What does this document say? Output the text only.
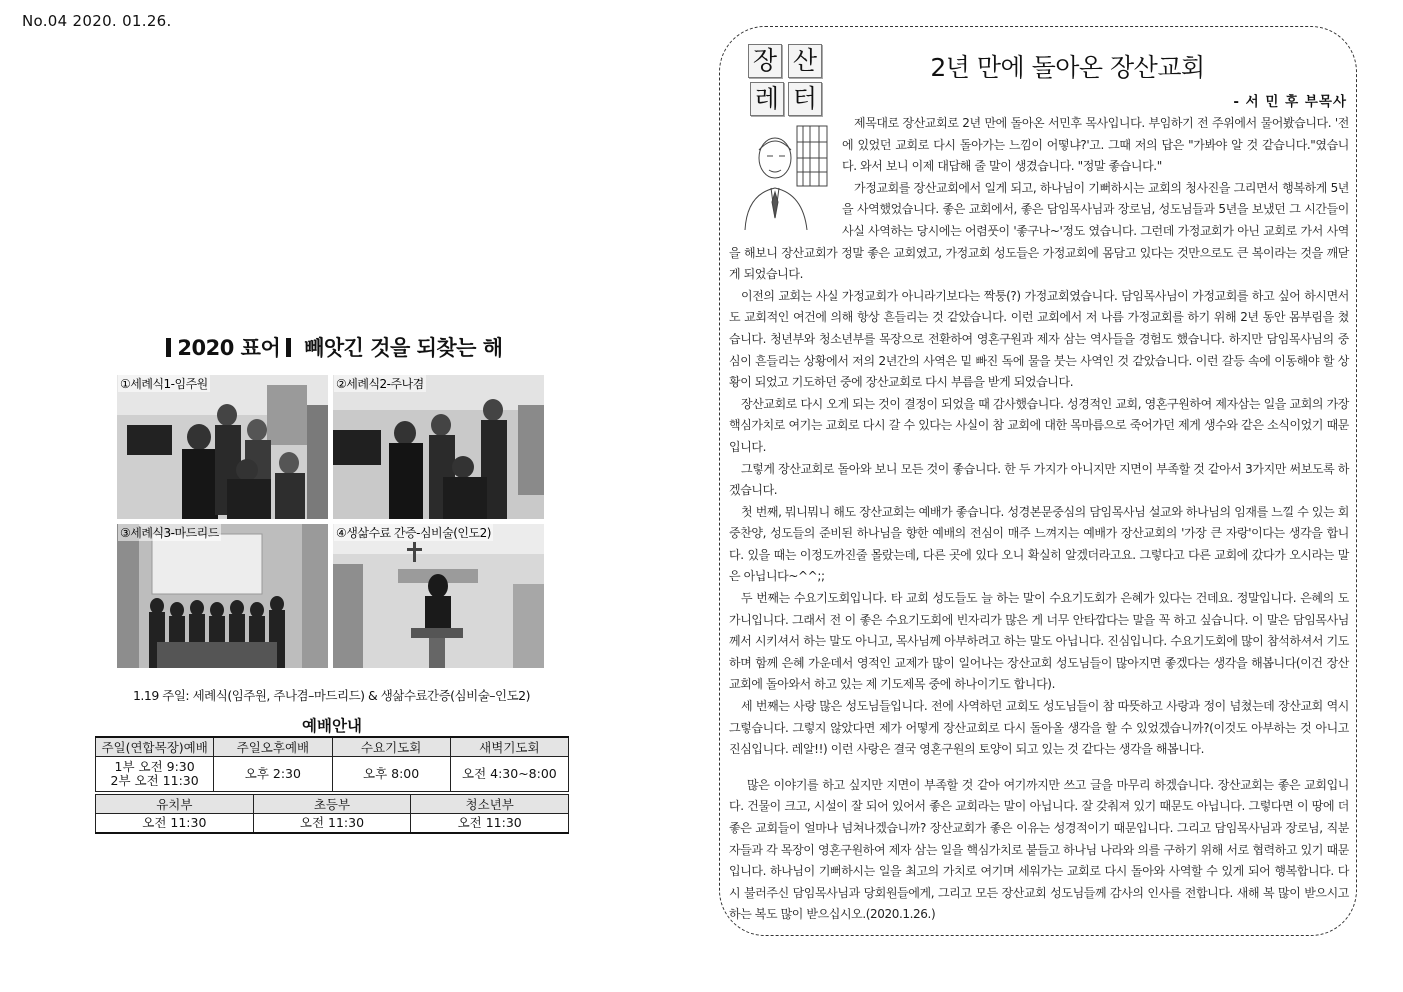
No.04 2020. 01.26.
2020 표어 빼앗긴 것을 되찾는 해
①세례식1-임주원	②세례식2-주나겸
③세례식3-마드리드	④생삶수료 간증-심비술(인도2)
1.19 주일: 세례식(임주원, 주나겸–마드리드) & 생삶수료간증(심비술–인도2)
예배안내
주일(연합목장)예배	주일오후예배	수요기도회	새벽기도회
1부 오전 9:30
2부 오전 11:30	오후 2:30	오후 8:00	오전 4:30~8:00
유치부	초등부	청소년부
오전 11:30	오전 11:30	오전 11:30
장 산
레 터
2년 만에 돌아온 장산교회
- 서 민 후 부목사

제목대로 장산교회로 2년 만에 돌아온 서민후 목사입니다. 부임하기 전 주위에서 물어봤습니다. '전에 있었던 교회로 다시 돌아가는 느낌이 어떻냐?'고. 그때 저의 답은 "가봐야 알 것 같습니다."였습니다. 와서 보니 이제 대답해 줄 말이 생겼습니다. "정말 좋습니다."

가정교회를 장산교회에서 일게 되고, 하나님이 기뻐하시는 교회의 청사진을 그리면서 행복하게 5년을 사역했었습니다. 좋은 교회에서, 좋은 담임목사님과 장로님, 성도님들과 5년을 보냈던 그 시간들이 사실 사역하는 당시에는 어렴풋이 '좋구나~'정도 였습니다. 그런데 가정교회가 아닌 교회로 가서 사역을 해보니 장산교회가 정말 좋은 교회였고, 가정교회 성도들은 가정교회에 몸담고 있다는 것만으로도 큰 복이라는 것을 깨닫게 되었습니다.

이전의 교회는 사실 가정교회가 아니라기보다는 짝퉁(?) 가정교회였습니다. 담임목사님이 가정교회를 하고 싶어 하시면서도 교회적인 여건에 의해 항상 흔들리는 것 같았습니다. 이런 교회에서 저 나름 가정교회를 하기 위해 2년 동안 몸부림을 쳤습니다. 청년부와 청소년부를 목장으로 전환하여 영혼구원과 제자 삼는 역사들을 경험도 했습니다. 하지만 담임목사님의 중심이 흔들리는 상황에서 저의 2년간의 사역은 밑 빠진 독에 물을 붓는 사역인 것 같았습니다. 이런 갈등 속에 이동해야 할 상황이 되었고 기도하던 중에 장산교회로 다시 부름을 받게 되었습니다.

장산교회로 다시 오게 되는 것이 결정이 되었을 때 감사했습니다. 성경적인 교회, 영혼구원하여 제자삼는 일을 교회의 가장 핵심가치로 여기는 교회로 다시 갈 수 있다는 사실이 참 교회에 대한 목마름으로 죽어가던 제게 생수와 같은 소식이었기 때문입니다.

그렇게 장산교회로 돌아와 보니 모든 것이 좋습니다. 한 두 가지가 아니지만 지면이 부족할 것 같아서 3가지만 써보도록 하겠습니다.

첫 번째, 뭐니뭐니 해도 장산교회는 예배가 좋습니다. 성경본문중심의 담임목사님 설교와 하나님의 임재를 느낄 수 있는 회중찬양, 성도들의 준비된 하나님을 향한 예배의 전심이 매주 느껴지는 예배가 장산교회의 '가장 큰 자랑'이다는 생각을 합니다. 있을 때는 이정도까진줄 몰랐는데, 다른 곳에 있다 오니 확실히 알겠더라고요. 그렇다고 다른 교회에 갔다가 오시라는 말은 아닙니다~^^;;

두 번째는 수요기도회입니다. 타 교회 성도들도 늘 하는 말이 수요기도회가 은혜가 있다는 건데요. 정말입니다. 은혜의 도가니입니다. 그래서 전 이 좋은 수요기도회에 빈자리가 많은 게 너무 안타깝다는 말을 꼭 하고 싶습니다. 이 말은 담임목사님께서 시키셔서 하는 말도 아니고, 목사님께 아부하려고 하는 말도 아닙니다. 진심입니다. 수요기도회에 많이 참석하셔서 기도하며 함께 은혜 가운데서 영적인 교제가 많이 일어나는 장산교회 성도님들이 많아지면 좋겠다는 생각을 해봅니다(이건 장산교회에 돌아와서 하고 있는 제 기도제목 중에 하나이기도 합니다).

세 번째는 사랑 많은 성도님들입니다. 전에 사역하던 교회도 성도님들이 참 따뜻하고 사랑과 정이 넘쳤는데 장산교회 역시 그렇습니다. 그렇지 않았다면 제가 어떻게 장산교회로 다시 돌아올 생각을 할 수 있었겠습니까?(이것도 아부하는 것 아니고 진심입니다. 레알!!) 이런 사랑은 결국 영혼구원의 토양이 되고 있는 것 같다는 생각을 해봅니다.

많은 이야기를 하고 싶지만 지면이 부족할 것 같아 여기까지만 쓰고 글을 마무리 하겠습니다. 장산교회는 좋은 교회입니다. 건물이 크고, 시설이 잘 되어 있어서 좋은 교회라는 말이 아닙니다. 잘 갖춰져 있기 때문도 아닙니다. 그렇다면 이 땅에 더 좋은 교회들이 얼마나 넘쳐나겠습니까? 장산교회가 좋은 이유는 성경적이기 때문입니다. 그리고 담임목사님과 장로님, 직분자들과 각 목장이 영혼구원하여 제자 삼는 일을 핵심가치로 붙들고 하나님 나라와 의를 구하기 위해 서로 협력하고 있기 때문입니다. 하나님이 기뻐하시는 일을 최고의 가치로 여기며 세워가는 교회로 다시 돌아와 사역할 수 있게 되어 행복합니다. 다시 불러주신 담임목사님과 당회원들에게, 그리고 모든 장산교회 성도님들께 감사의 인사를 전합니다. 새해 복 많이 받으시고 하는 복도 많이 받으십시오.(2020.1.26.)
